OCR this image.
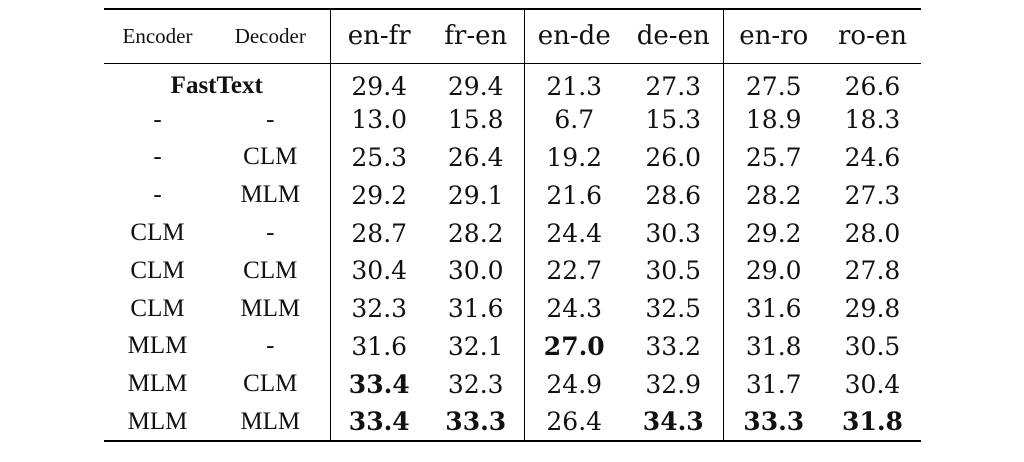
Encoder	Decoder	en-fr	fr-en	en-de	de-en	en-ro	ro-en
FastText		29.4	29.4	21.3	27.3	27.5	26.6
-	-	13.0	15.8	6.7	15.3	18.9	18.3
-	CLM	25.3	26.4	19.2	26.0	25.7	24.6
-	MLM	29.2	29.1	21.6	28.6	28.2	27.3
CLM	-	28.7	28.2	24.4	30.3	29.2	28.0
CLM	CLM	30.4	30.0	22.7	30.5	29.0	27.8
CLM	MLM	32.3	31.6	24.3	32.5	31.6	29.8
MLM	-	31.6	32.1	27.0	33.2	31.8	30.5
MLM	CLM	33.4	32.3	24.9	32.9	31.7	30.4
MLM	MLM	33.4	33.3	26.4	34.3	33.3	31.8
